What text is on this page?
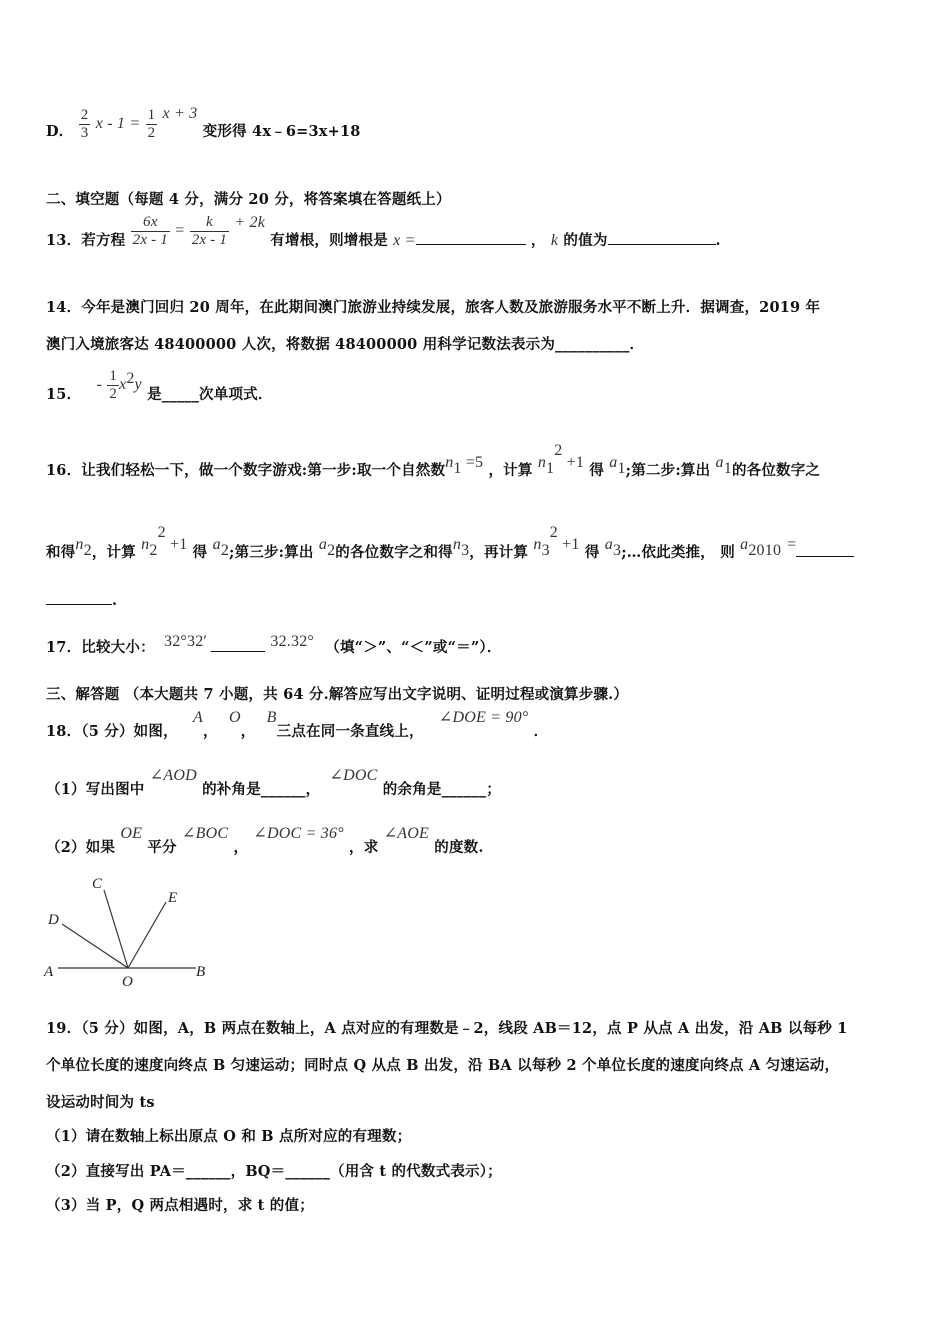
D． $\frac{2}{3}$ $x - 1 = \frac{1}{2}$ x + 3 变形得 4x﹣6=3x+18
二、填空题（每题 4 分，满分 20 分，将答案填在答题纸上）
13．若方程 $\frac{6x}{2x - 1} = \frac{k}{2x - 1} + 2k$ 有增根，则增根是 x =	， k 的值为	.
14．今年是澳门回归 20 周年，在此期间澳门旅游业持续发展，旅客人数及旅游服务水平不断上升．据调查，2019 年
澳门入境旅客达 48400000 人次，将数据 48400000 用科学记数法表示为__________．
15． - $\frac{1}{2} x^2y$ 是_____次单项式．
16．让我们轻松一下，做一个数字游戏:第一步:取一个自然数$n_1 =5$ ，计算 $n_1^2 +1$ 得 $a_1$;第二步:算出 $a_1$的各位数字之
和得$n_2$，计算 $n_2^2 +1$ 得 $a_2$;第三步:算出 $a_2$的各位数字之和得$n_3$，再计算 $n_3^2 +1$ 得 $a_3;\dots$依此类推， 则 $a_{2010}$ =
.
17．比较大小： 32°32′	32.32° （填“＞”、“＜”或“＝”）．
三、解答题 （本大题共 7 小题，共 64 分.解答应写出文字说明、证明过程或演算步骤.）
18．（5 分）如图， A， O， B三点在同一条直线上， ∠DOE = 90° ．
（1）写出图中 ∠AOD 的补角是______， ∠DOC 的余角是______；
（2）如果 OE 平分 ∠BOC ， ∠DOC = 36° ，求 ∠AOE 的度数.
C
E
D
A
O
B
19．（5 分）如图，A，B 两点在数轴上，A 点对应的有理数是﹣2，线段 AB＝12，点 P 从点 A 出发，沿 AB 以每秒 1
个单位长度的速度向终点 B 匀速运动；同时点 Q 从点 B 出发，沿 BA 以每秒 2 个单位长度的速度向终点 A 匀速运动，
设运动时间为 ts
（1）请在数轴上标出原点 O 和 B 点所对应的有理数；
（2）直接写出 PA＝______，BQ＝______（用含 t 的代数式表示）；
（3）当 P，Q 两点相遇时，求 t 的值；
